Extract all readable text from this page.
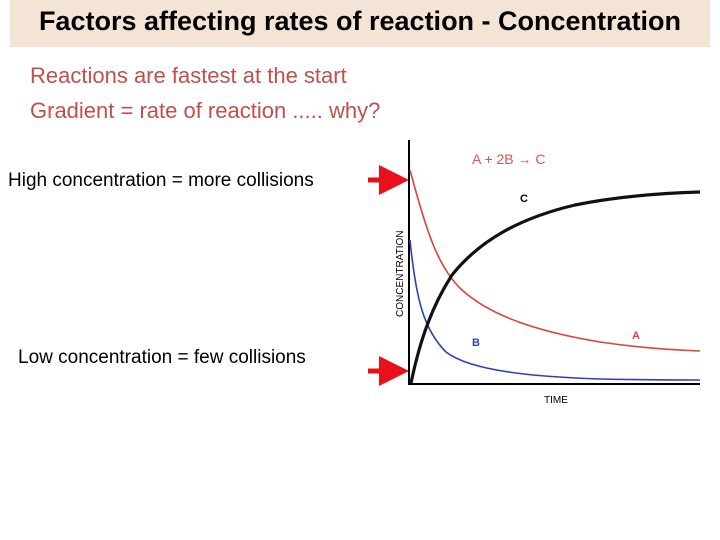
Factors affecting rates of reaction - Concentration
Reactions are fastest at the start
Gradient = rate of reaction ..... why?
High concentration = more collisions
Low concentration = few collisions
A + 2B → C
CONCENTRATION
TIME
C
B
A
